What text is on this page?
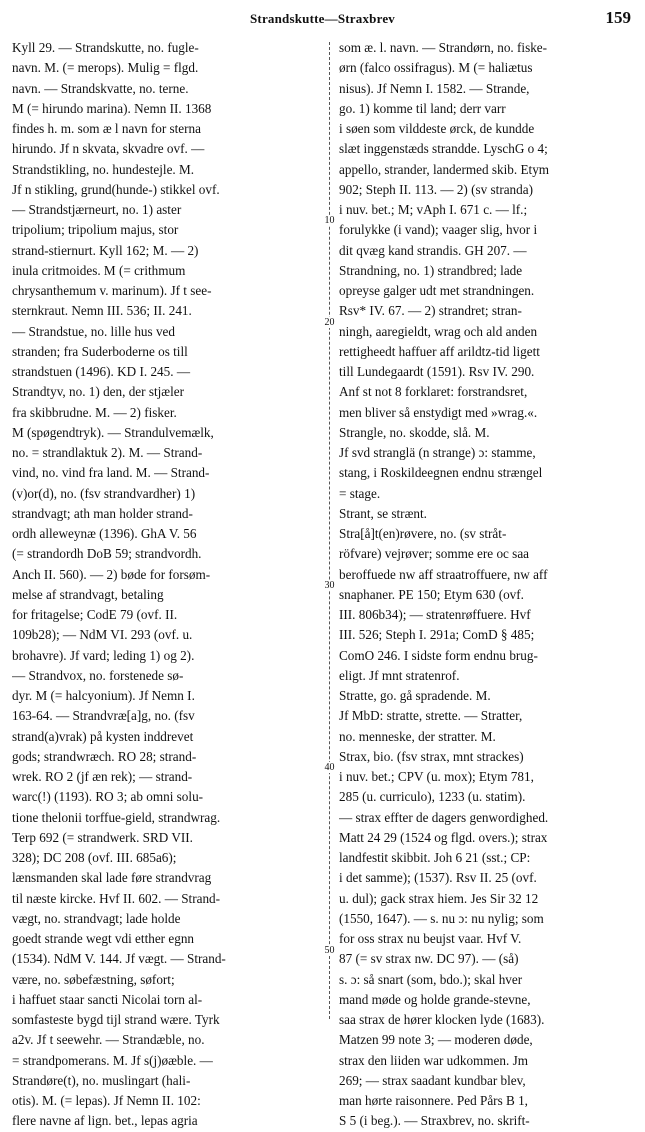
Strandskutte—Straxbrev	159
Kyll 29. — Strandskutte, no. fugle-
navn. M. (= merops). Mulig = flgd.
navn. — Strandskvatte, no. terne.
M (= hirundo marina). Nemn II. 1368
findes h. m. som æ l navn for sterna
hirundo. Jf n skvata, skvadre ovf. —
Strandstikling, no. hundestejle. M.
Jf n stikling, grund(hunde-) stikkel ovf.
— Strandstjærneurt, no. 1) aster
tripolium; tripolium majus, stor
strand-stiernurt. Kyll 162; M. — 2)
inula critmoides. M (= crithmum
chrysanthemum v. marinum). Jf t see-
sternkraut. Nemn III. 536; II. 241.
— Strandstue, no. lille hus ved
stranden; fra Suderboderne os till
strandstuen (1496). KD I. 245. —
Strandtyv, no. 1) den, der stjæler
fra skibbrudne. M. — 2) fisker.
M (spøgendtryk). — Strandulvemælk,
no. = strandlaktuk 2). M. — Strand-
vind, no. vind fra land. M. — Strand-
(v)or(d), no. (fsv strandvardher) 1)
strandvagt; ath man holder strand-
ordh alleweynæ (1396). GhA V. 56
(= strandordh DoB 59; strandvordh.
Anch II. 560). — 2) bøde for forsøm-
melse af strandvagt, betaling
for fritagelse; CodE 79 (ovf. II.
109b28); — NdM VI. 293 (ovf. u.
brohavre). Jf vard; leding 1) og 2).
— Strandvox, no. forstenede sø-
dyr. M (= halcyonium). Jf Nemn I.
163-64. — Strandvræ[a]g, no. (fsv
strand(a)vrak) på kysten inddrevet
gods; strandwræch. RO 28; strand-
wrek. RO 2 (jf æn rek); — strand-
warc(!) (1193). RO 3; ab omni solu-
tione thelonii torffue-gield, strandwrag.
Terp 692 (= strandwerk. SRD VII.
328); DC 208 (ovf. III. 685a6);
lænsmanden skal lade føre strandvrag
til næste kircke. Hvf II. 602. — Strand-
vægt, no. strandvagt; lade holde
goedt strande wegt vdi etther egnn
(1534). NdM V. 144. Jf vægt. — Strand-
være, no. søbefæstning, søfort;
i haffuet staar sancti Nicolai torn al-
somfasteste bygd tijl strand wære. Tyrk
a2v. Jf t seewehr. — Strandæble, no.
= strandpomerans. M. Jf s(j)øæble. —
Strandøre(t), no. muslingart (hali-
otis). M. (= lepas). Jf Nemn II. 102:
flere navne af lign. bet., lepas agria
som æ. l. navn. — Strandørn, no. fiske-
ørn (falco ossifragus). M (= haliætus
nisus). Jf Nemn I. 1582. — Strande,
go. 1) komme til land; derr varr
i søen som vilddeste ørck, de kundde
slæt inggenstæds strandde. LyschG o 4;
appello, strander, landermed skib. Etym
902; Steph II. 113. — 2) (sv stranda)
i nuv. bet.; M; vAph I. 671 c. — lf.;
forulykke (i vand); vaager slig, hvor i
dit qvæg kand strandis. GH 207. —
Strandning, no. 1) strandbred; lade
opreyse galger udt met strandningen.
Rsv* IV. 67. — 2) strandret; stran-
ningh, aaregieldt, wrag och ald anden
rettigheedt haffuer aff arildtz-tid ligett
till Lundegaardt (1591). Rsv IV. 290.
Anf st not 8 forklaret: forstrandsret,
men bliver så enstydigt med »wrag.«.
Strangle, no. skodde, slå. M.
Jf svd stranglä (n strange) ɔ: stamme,
stang, i Roskildeegnen endnu strængel
= stage.
Strant, se strænt.
Stra[å]t(en)røvere, no. (sv stråt-
röfvare) vejrøver; somme ere oc saa
beroffuede nw aff straatroffuere, nw aff
snaphaner. PE 150; Etym 630 (ovf.
III. 806b34); — stratenrøffuere. Hvf
III. 526; Steph I. 291a; ComD § 485;
ComO 246. I sidste form endnu brug-
eligt. Jf mnt stratenrof.
Stratte, go. gå spradende. M.
Jf MbD: stratte, strette. — Stratter,
no. menneske, der stratter. M.
Strax, bio. (fsv strax, mnt strackes)
i nuv. bet.; CPV (u. mox); Etym 781,
285 (u. curriculo), 1233 (u. statim).
— strax effter de dagers genwordighed.
Matt 24 29 (1524 og flgd. overs.); strax
landfestit skibbit. Joh 6 21 (sst.; CP:
i det samme); (1537). Rsv II. 25 (ovf.
u. dul); gack strax hiem. Jes Sir 32 12
(1550, 1647). — s. nu ɔ: nu nylig; som
for oss strax nu beujst vaar. Hvf V.
87 (= sv strax nw. DC 97). — (så)
s. ɔ: så snart (som, bdo.); skal hver
mand møde og holde grande-stevne,
saa strax de hører klocken lyde (1683).
Matzen 99 note 3; — moderen døde,
strax den liiden war udkommen. Jm
269; — strax saadant kundbar blev,
man hørte raisonnere. Ped Pårs B 1,
S 5 (i beg.). — Straxbrev, no. skrift-
10
20
30
40
50
